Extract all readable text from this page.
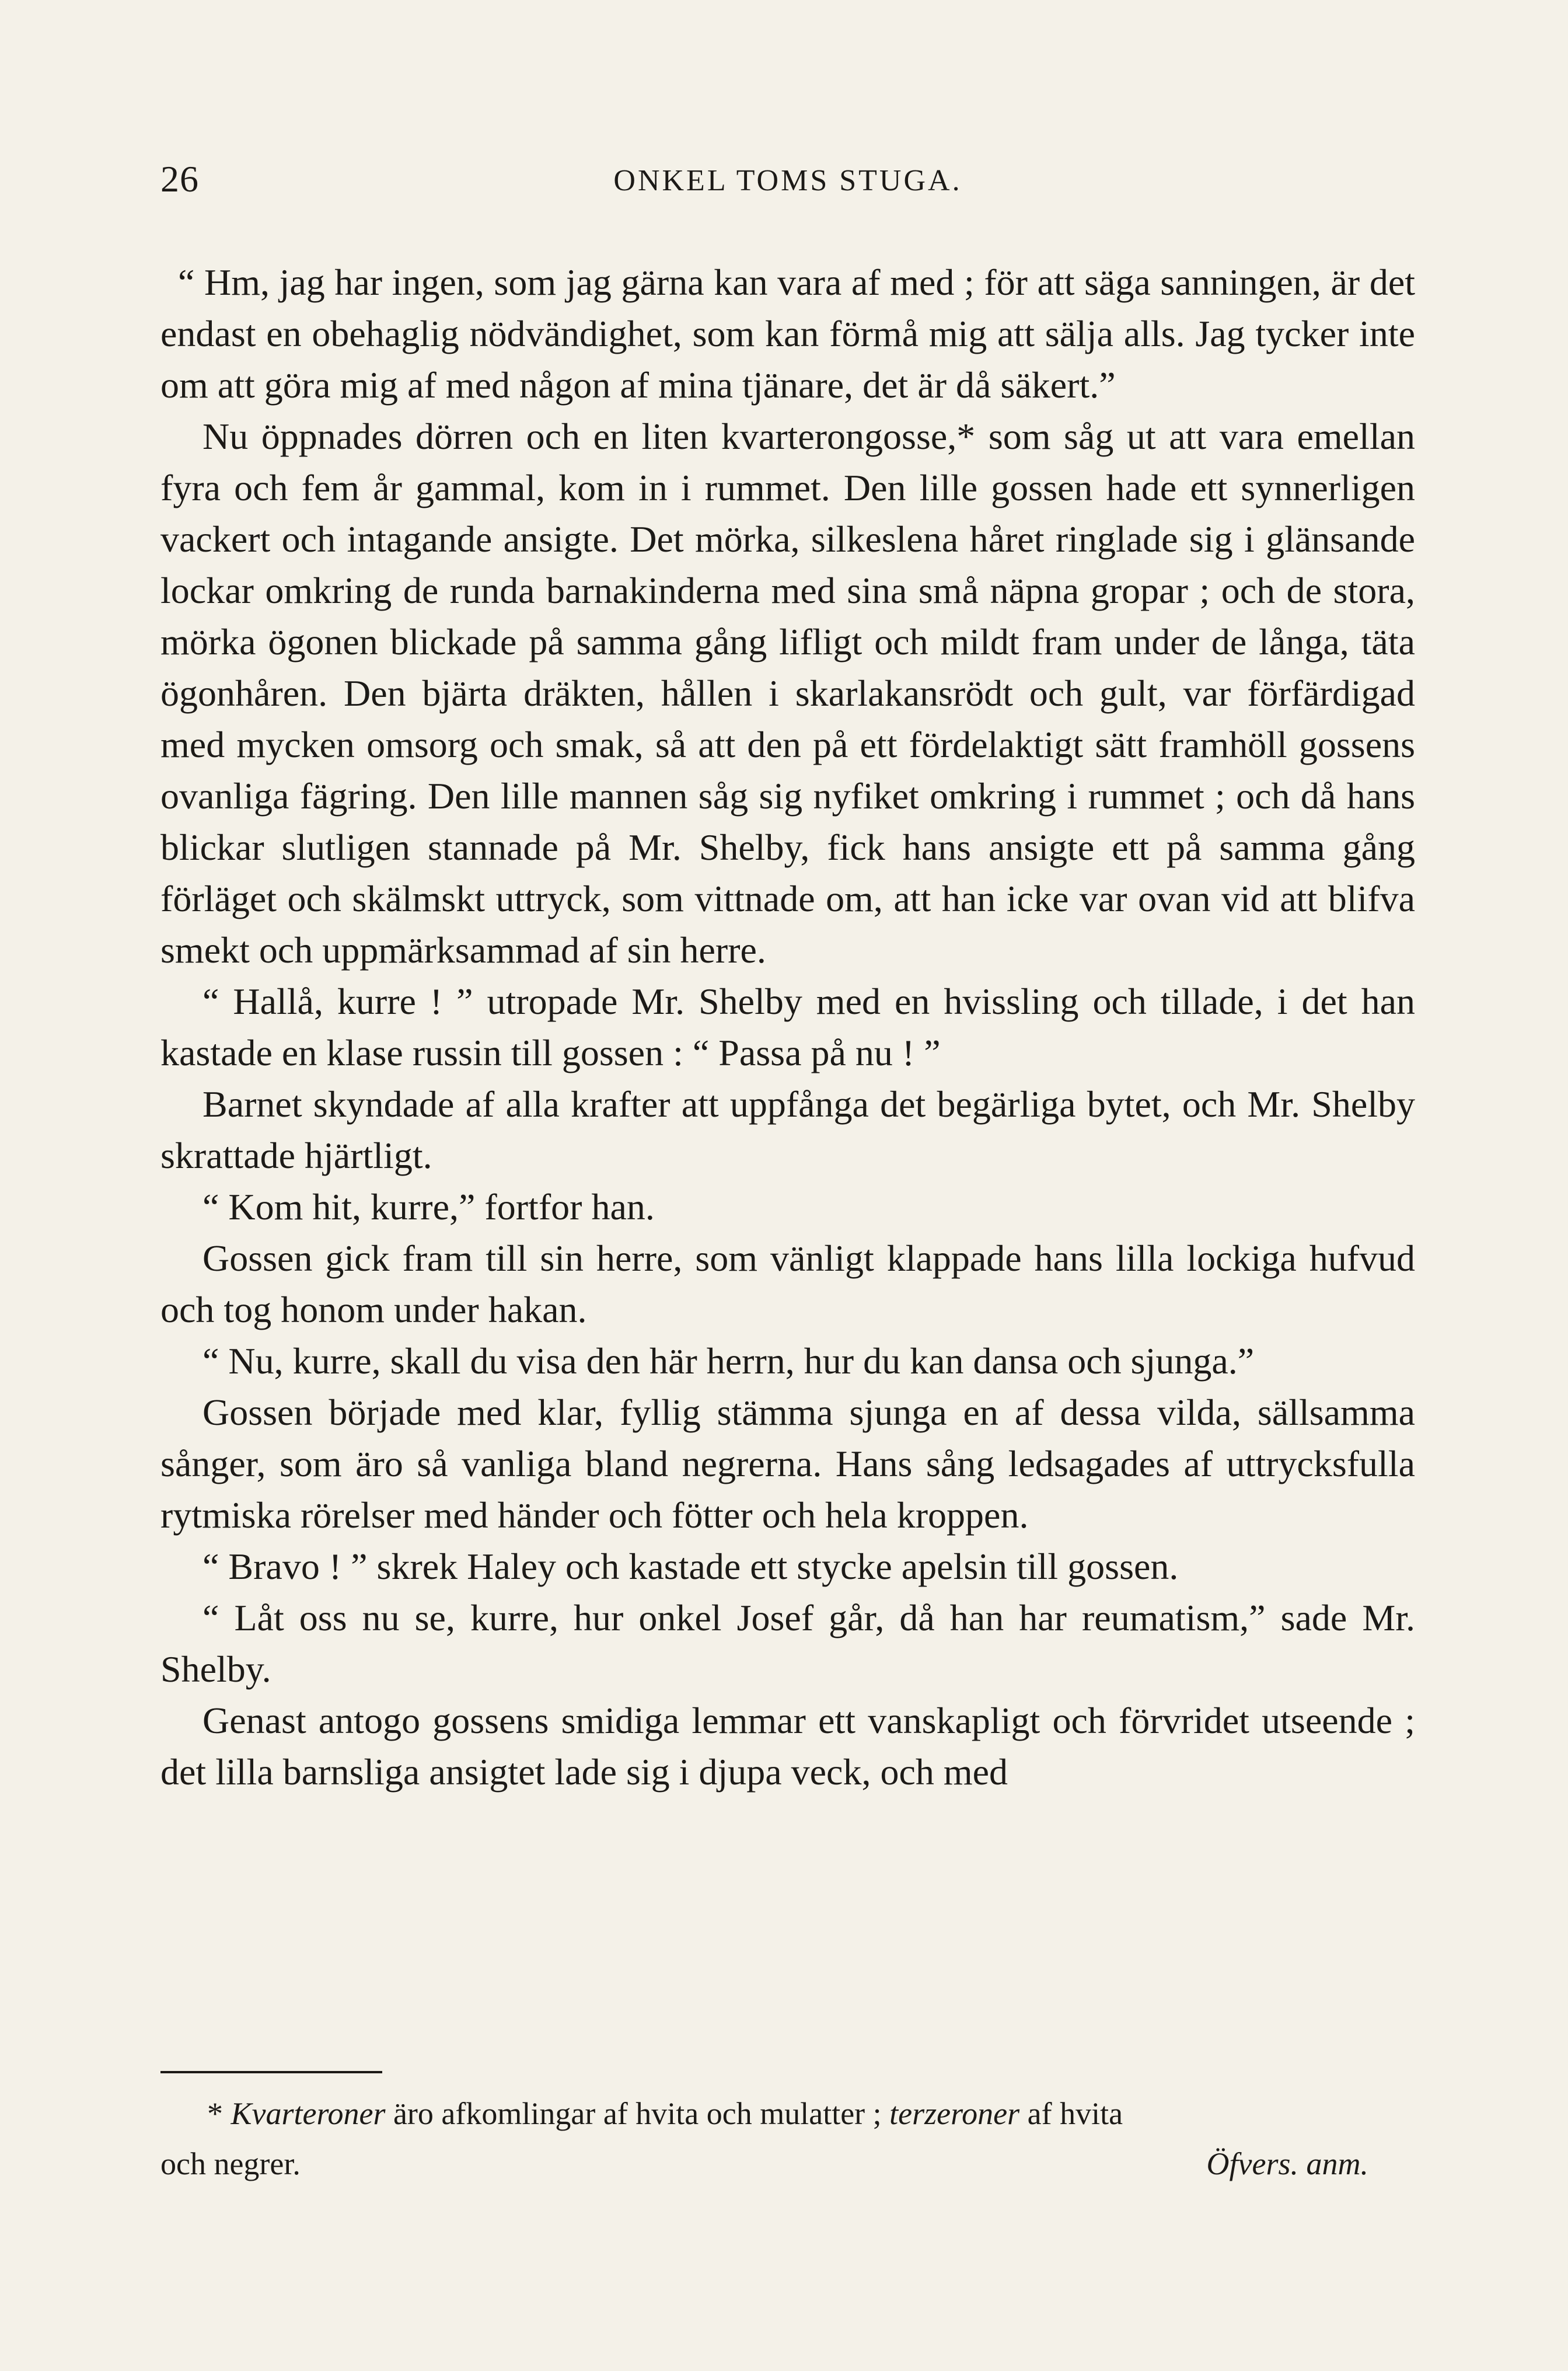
26	ONKEL TOMS STUGA.

“ Hm, jag har ingen, som jag gärna kan vara af med ; för att säga sanningen, är det endast en obehaglig nödvändighet, som kan förmå mig att sälja alls. Jag tycker inte om att göra mig af med någon af mina tjänare, det är då säkert.”

Nu öppnades dörren och en liten kvarterongosse,* som såg ut att vara emellan fyra och fem år gammal, kom in i rummet. Den lille gossen hade ett synnerligen vackert och intagande ansigte. Det mörka, silkeslena håret ringlade sig i glänsande lockar omkring de runda barnakinderna med sina små näpna gropar ; och de stora, mörka ögonen blickade på samma gång lifligt och mildt fram under de långa, täta ögonhåren. Den bjärta dräkten, hållen i skarlakansrödt och gult, var förfärdigad med mycken omsorg och smak, så att den på ett fördelaktigt sätt framhöll gossens ovanliga fägring. Den lille mannen såg sig nyfiket omkring i rummet ; och då hans blickar slutligen stannade på Mr. Shelby, fick hans ansigte ett på samma gång förläget och skälmskt uttryck, som vittnade om, att han icke var ovan vid att blifva smekt och uppmärksammad af sin herre.

“ Hallå, kurre ! ” utropade Mr. Shelby med en hvissling och tillade, i det han kastade en klase russin till gossen : “ Passa på nu ! ”

Barnet skyndade af alla krafter att uppfånga det begärliga bytet, och Mr. Shelby skrattade hjärtligt.

“ Kom hit, kurre,” fortfor han.

Gossen gick fram till sin herre, som vänligt klappade hans lilla lockiga hufvud och tog honom under hakan.

“ Nu, kurre, skall du visa den här herrn, hur du kan dansa och sjunga.”

Gossen började med klar, fyllig stämma sjunga en af dessa vilda, sällsamma sånger, som äro så vanliga bland negrerna. Hans sång ledsagades af uttrycksfulla rytmiska rörelser med händer och fötter och hela kroppen.

“ Bravo ! ” skrek Haley och kastade ett stycke apelsin till gossen.

“ Låt oss nu se, kurre, hur onkel Josef går, då han har reumatism,” sade Mr. Shelby.

Genast antogo gossens smidiga lemmar ett vanskapligt och förvridet utseende ; det lilla barnsliga ansigtet lade sig i djupa veck, och med

* Kvarteroner äro afkomlingar af hvita och mulatter ; terzeroner af hvita
och negrer.	Öfvers. anm.
